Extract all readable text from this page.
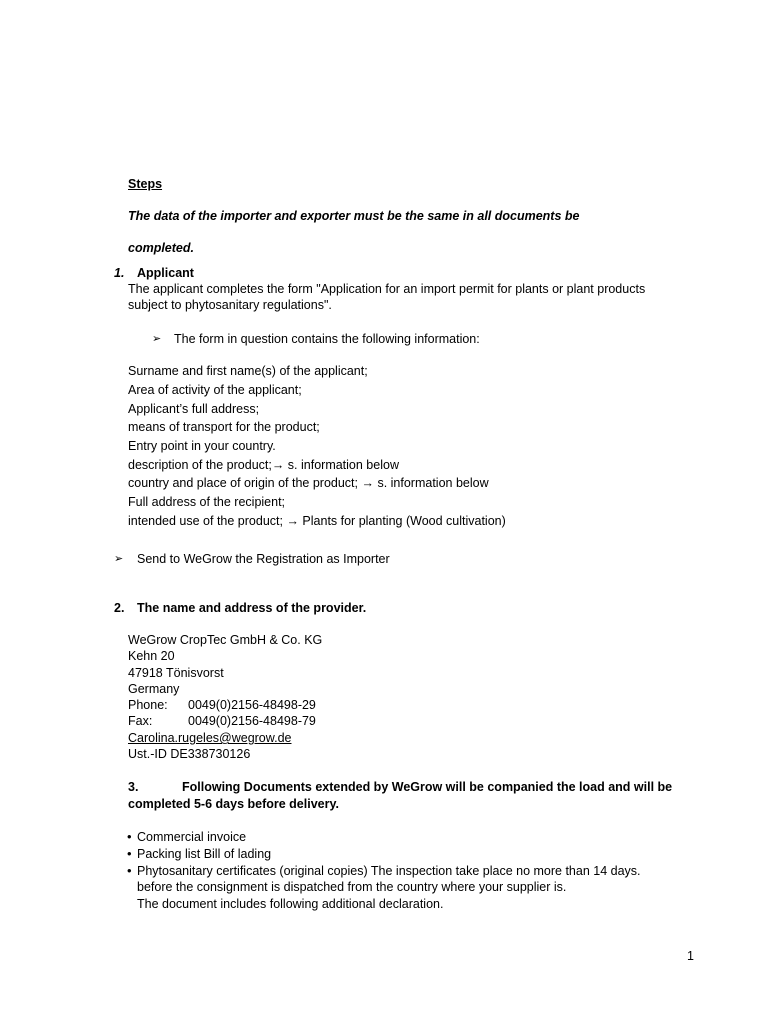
Steps
The data of the importer and exporter must be the same in all documents be
completed.
1. Applicant
The applicant completes the form "Application for an import permit for plants or plant products
subject to phytosanitary regulations".
➢ The form in question contains the following information:
Surname and first name(s) of the applicant;
Area of activity of the applicant;
Applicant’s full address;
means of transport for the product;
Entry point in your country.
description of the product;→ s. information below
country and place of origin of the product; → s. information below
Full address of the recipient;
intended use of the product; → Plants for planting (Wood cultivation)
➢ Send to WeGrow the Registration as Importer
2. The name and address of the provider.
WeGrow CropTec GmbH & Co. KG
Kehn 20
47918 Tönisvorst
Germany
Phone: 0049(0)2156-48498-29
Fax:	0049(0)2156-48498-79
Carolina.rugeles@wegrow.de
Ust.-ID DE338730126
3.	Following Documents extended by WeGrow will be companied the load and will be
completed 5-6 days before delivery.
• Commercial invoice
• Packing list Bill of lading
• Phytosanitary certificates (original copies) The inspection take place no more than 14 days.
before the consignment is dispatched from the country where your supplier is.
The document includes following additional declaration.
1
